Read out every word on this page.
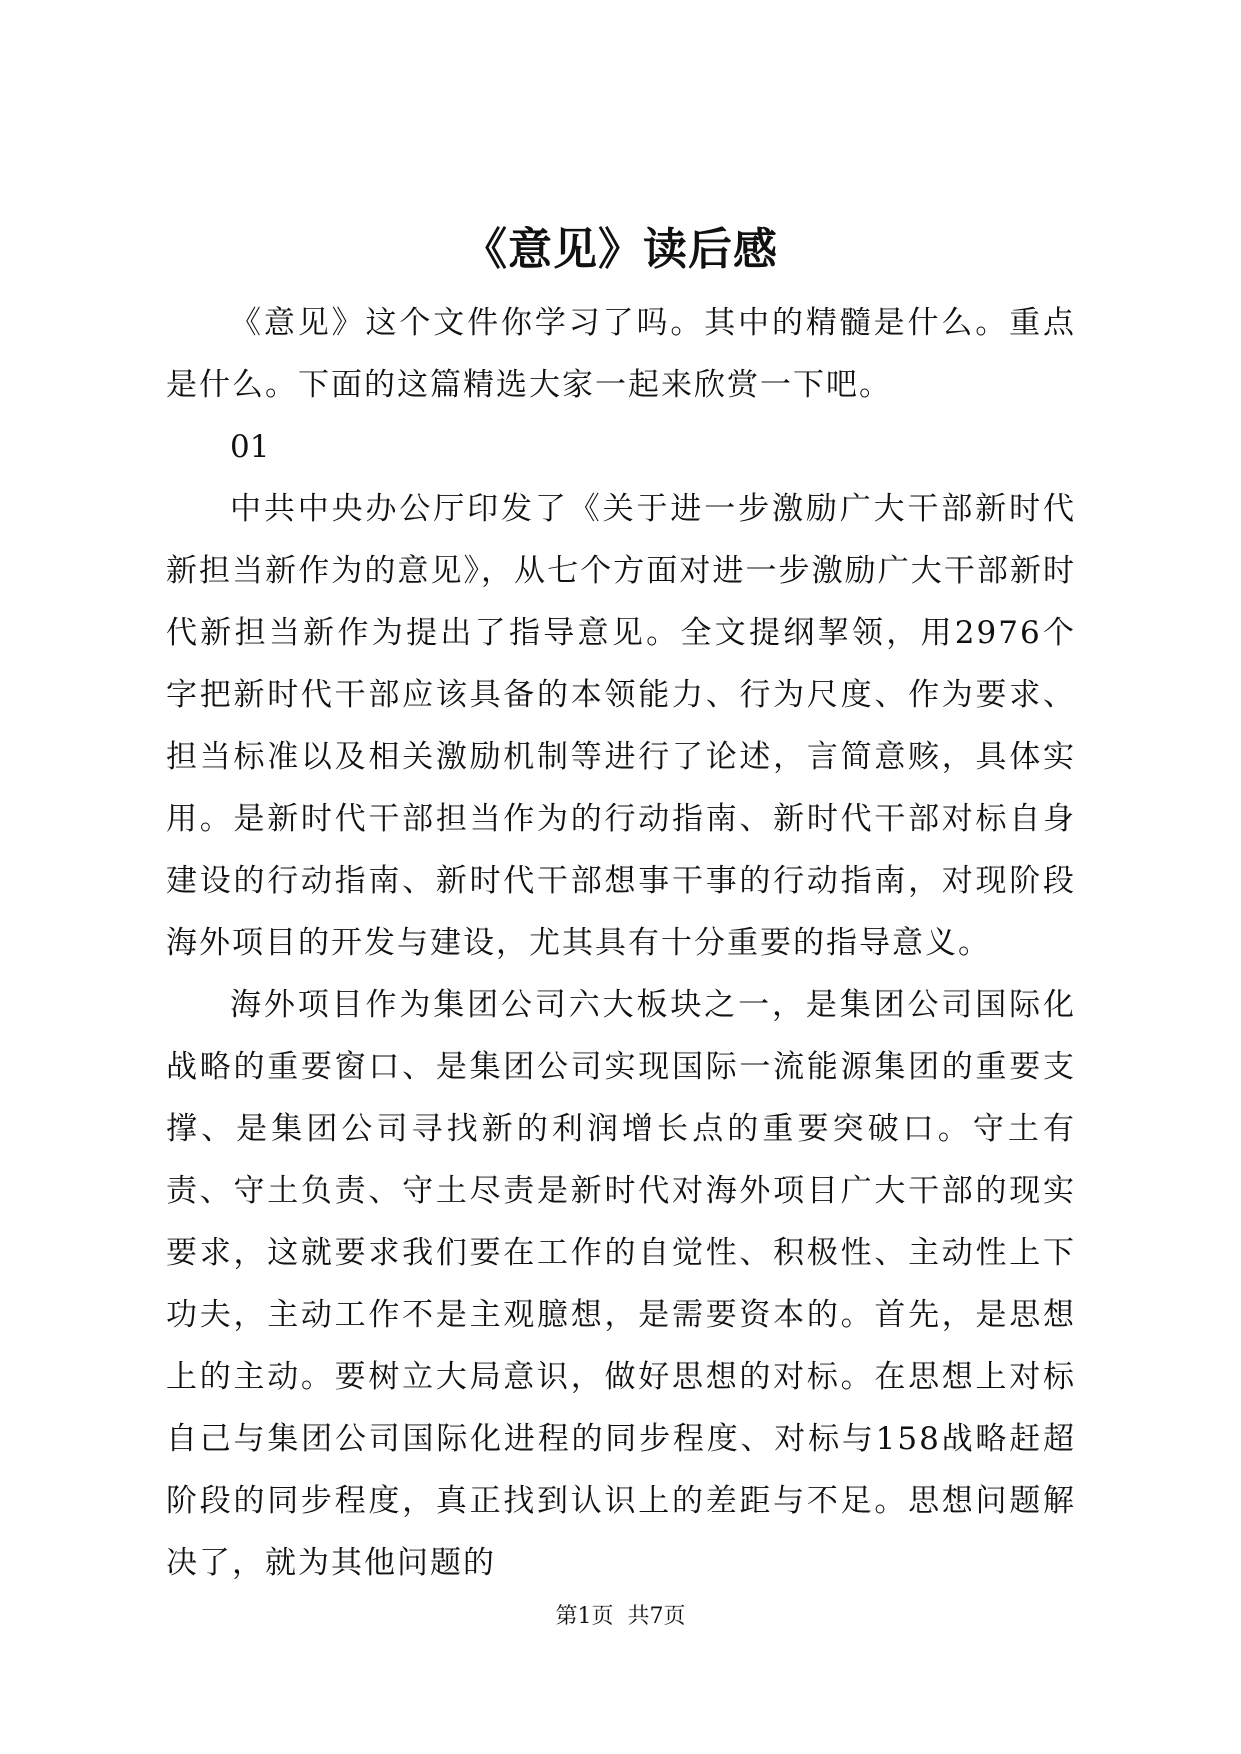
《意见》读后感

《意见》这个文件你学习了吗。其中的精髓是什么。重点是什么。下面的这篇精选大家一起来欣赏一下吧。

01

中共中央办公厅印发了《关于进一步激励广大干部新时代新担当新作为的意见》，从七个方面对进一步激励广大干部新时代新担当新作为提出了指导意见。全文提纲挈领，用2976个字把新时代干部应该具备的本领能力、行为尺度、作为要求、担当标准以及相关激励机制等进行了论述，言简意赅，具体实用。是新时代干部担当作为的行动指南、新时代干部对标自身建设的行动指南、新时代干部想事干事的行动指南，对现阶段海外项目的开发与建设，尤其具有十分重要的指导意义。

海外项目作为集团公司六大板块之一，是集团公司国际化战略的重要窗口、是集团公司实现国际一流能源集团的重要支撑、是集团公司寻找新的利润增长点的重要突破口。守土有责、守土负责、守土尽责是新时代对海外项目广大干部的现实要求，这就要求我们要在工作的自觉性、积极性、主动性上下功夫，主动工作不是主观臆想，是需要资本的。首先，是思想上的主动。要树立大局意识，做好思想的对标。在思想上对标自己与集团公司国际化进程的同步程度、对标与158战略赶超阶段的同步程度，真正找到认识上的差距与不足。思想问题解决了，就为其他问题的

第1页 共7页
